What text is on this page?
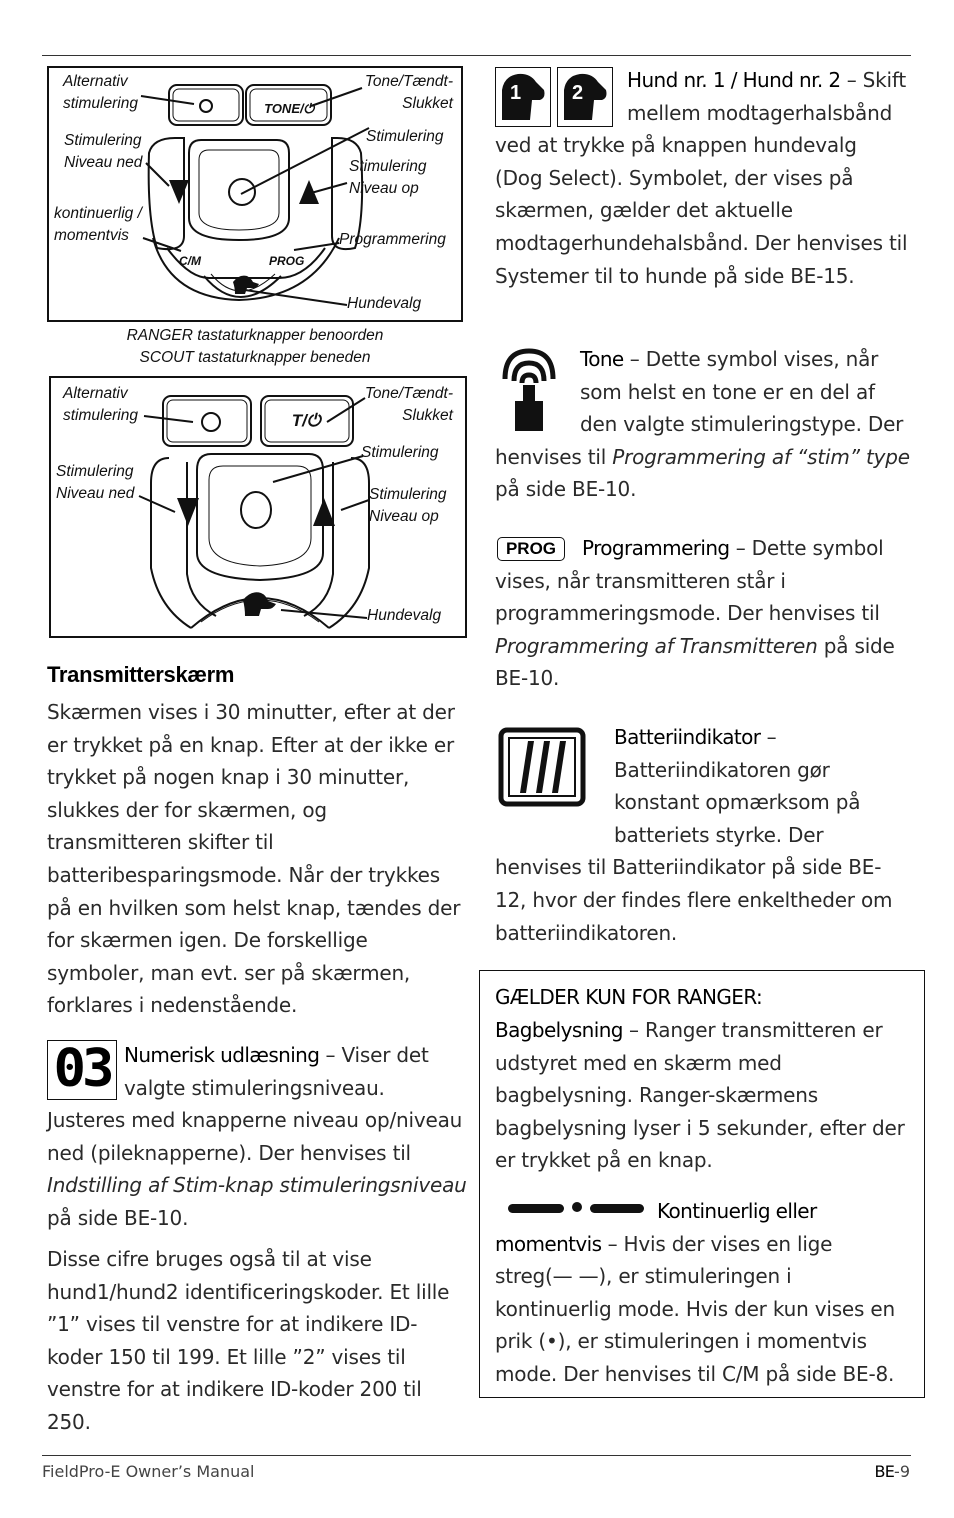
TONE/⏻
C/M	PROG
Alternativ
stimulering
Tone/Tændt-
Slukket
Stimulering
Niveau ned
Stimulering
Stimulering
Niveau op
kontinuerlig /
momentvis	Programmering
Hundevalg
RANGER tastaturknapper benoorden
SCOUT tastaturknapper beneden
T/⏻
Alternativ
stimulering
Tone/Tændt-
Slukket
Stimulering
Stimulering
Niveau ned	Stimulering
Niveau op
Hundevalg
Transmitterskærm
Skærmen vises i 30 minutter, efter at der er trykket på en knap. Efter at der ikke er trykket på nogen knap i 30 minutter, slukkes der for skærmen, og transmitteren skifter til batteribesparingsmode. Når der trykkes på en hvilken som helst knap, tændes der for skærmen igen. De forskellige symboler, man evt. ser på skærmen, forklares i nedenstående.
03 Numerisk udlæsning – Viser det valgte stimuleringsniveau. Justeres med knapperne niveau op/niveau ned (pileknapperne). Der henvises til Indstilling af Stim-knap stimuleringsniveau på side BE-10.
Disse cifre bruges også til at vise hund1/hund2 identificeringskoder. Et lille ”1” vises til venstre for at indikere ID-koder 150 til 199. Et lille ”2” vises til venstre for at indikere ID-koder 200 til 250.
1	2
Hund nr. 1 / Hund nr. 2 – Skift mellem modtagerhalsbånd ved at trykke på knappen hundevalg (Dog Select). Symbolet, der vises på skærmen, gælder det aktuelle modtagerhundehalsbånd. Der henvises til Systemer til to hunde på side BE-15.
Tone – Dette symbol vises, når som helst en tone er en del af den valgte stimuleringstype. Der henvises til Programmering af “stim” type på side BE-10.
PROG	Programmering – Dette symbol vises, når transmitteren står i programmeringsmode. Der henvises til Programmering af Transmitteren på side BE-10.
Batteriindikator – Batteriindikatoren gør konstant opmærksom på batteriets styrke. Der henvises til Batteriindikator på side BE-12, hvor der findes flere enkeltheder om batteriindikatoren.
GÆLDER KUN FOR RANGER:
Bagbelysning – Ranger transmitteren er udstyret med en skærm med bagbelysning. Ranger-skærmens bagbelysning lyser i 5 sekunder, efter der er trykket på en knap.
Kontinuerlig eller momentvis – Hvis der vises en lige streg(— —), er stimuleringen i kontinuerlig mode. Hvis der kun vises en prik (•), er stimuleringen i momentvis mode. Der henvises til C/M på side BE-8.
FieldPro-E Owner’s Manual	BE-9
